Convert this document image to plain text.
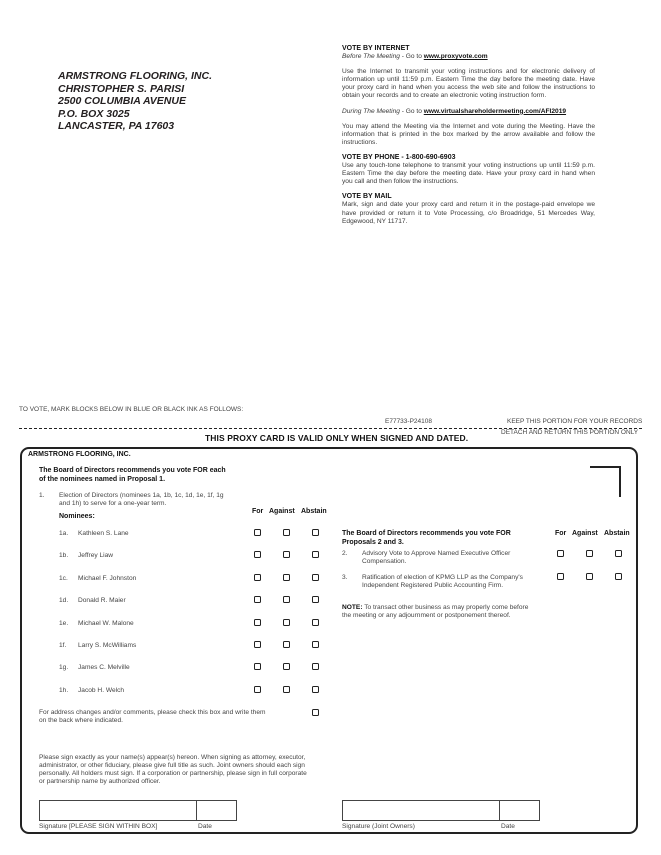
ARMSTRONG FLOORING, INC.
CHRISTOPHER S. PARISI
2500 COLUMBIA AVENUE
P.O. BOX 3025
LANCASTER, PA 17603

VOTE BY INTERNET

Before The Meeting - Go to www.proxyvote.com

Use the Internet to transmit your voting instructions and for electronic delivery of information up until 11:59 p.m. Eastern Time the day before the meeting date. Have your proxy card in hand when you access the web site and follow the instructions to obtain your records and to create an electronic voting instruction form.

During The Meeting - Go to www.virtualshareholdermeeting.com/AFI2019

You may attend the Meeting via the Internet and vote during the Meeting. Have the information that is printed in the box marked by the arrow available and follow the instructions.

VOTE BY PHONE - 1-800-690-6903

Use any touch-tone telephone to transmit your voting instructions up until 11:59 p.m. Eastern Time the day before the meeting date. Have your proxy card in hand when you call and then follow the instructions.

VOTE BY MAIL

Mark, sign and date your proxy card and return it in the postage-paid envelope we have provided or return it to Vote Processing, c/o Broadridge, 51 Mercedes Way, Edgewood, NY 11717.

TO VOTE, MARK BLOCKS BELOW IN BLUE OR BLACK INK AS FOLLOWS:
E77733-P24108	KEEP THIS PORTION FOR YOUR RECORDS
DETACH AND RETURN THIS PORTION ONLY
THIS PROXY CARD IS VALID ONLY WHEN SIGNED AND DATED.
ARMSTRONG FLOORING, INC.
The Board of Directors recommends you vote FOR each
of the nominees named in Proposal 1.
1. Election of Directors (nominees 1a, 1b, 1c, 1d, 1e, 1f, 1g
and 1h) to serve for a one-year term.
Nominees:
For Against Abstain
1a. Kathleen S. Lane
1b. Jeffrey Liaw
1c. Michael F. Johnston
1d. Donald R. Maier
1e. Michael W. Malone
1f. Larry S. McWilliams
1g. James C. Melville
1h. Jacob H. Welch
For address changes and/or comments, please check this box and write them
on the back where indicated.
The Board of Directors recommends you vote FOR
Proposals 2 and 3.
For Against Abstain
2. Advisory Vote to Approve Named Executive Officer
Compensation.
3. Ratification of election of KPMG LLP as the Company's
Independent Registered Public Accounting Firm.
NOTE: To transact other business as may properly come before
the meeting or any adjournment or postponement thereof.
Please sign exactly as your name(s) appear(s) hereon. When signing as attorney, executor,
administrator, or other fiduciary, please give full title as such. Joint owners should each sign
personally. All holders must sign. If a corporation or partnership, please sign in full corporate
or partnership name by authorized officer.
Signature [PLEASE SIGN WITHIN BOX]	Date	Signature (Joint Owners)	Date
